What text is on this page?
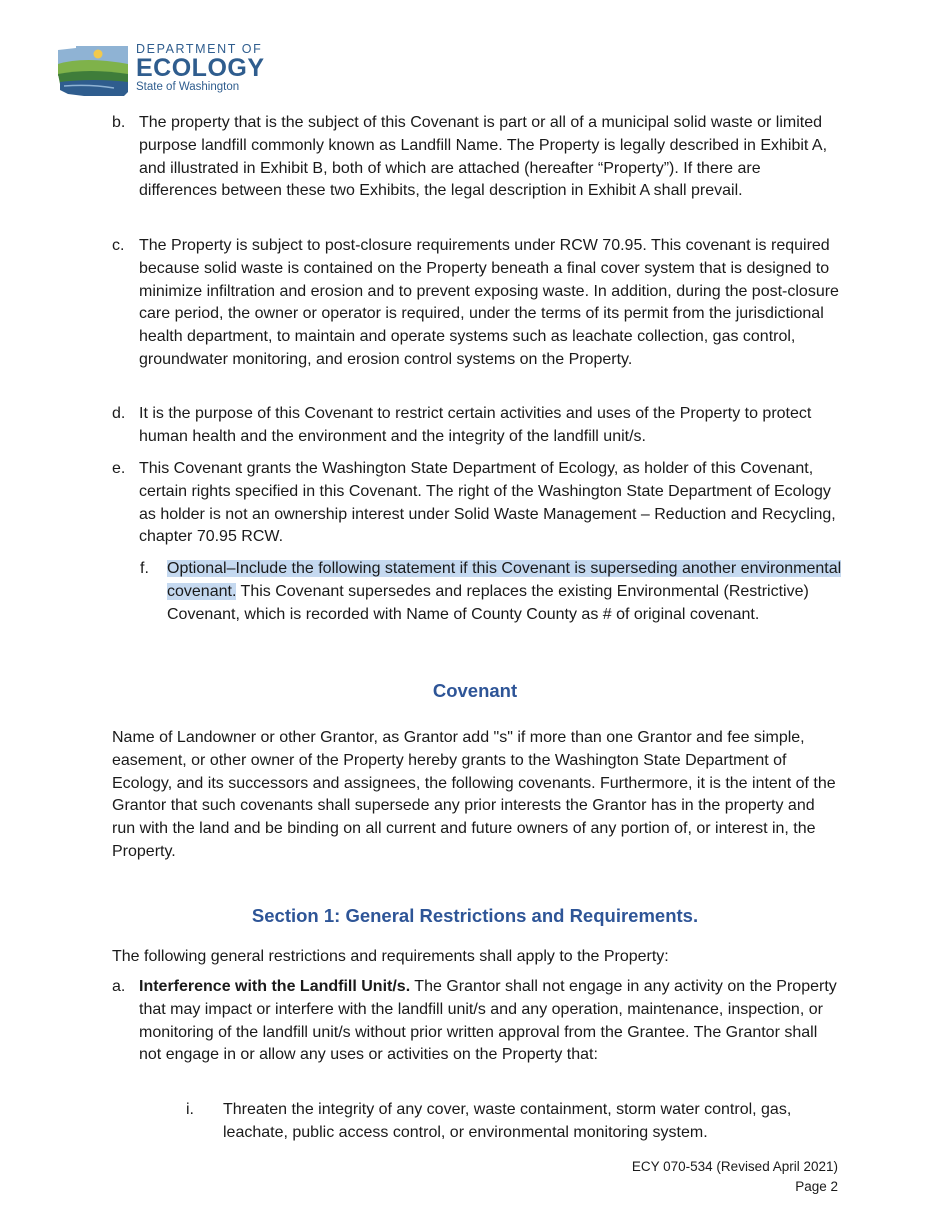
DEPARTMENT OF
ECOLOGY
State of Washington
b. The property that is the subject of this Covenant is part or all of a municipal solid waste or limited purpose landfill commonly known as Landfill Name. The Property is legally described in Exhibit A, and illustrated in Exhibit B, both of which are attached (hereafter “Property”). If there are differences between these two Exhibits, the legal description in Exhibit A shall prevail.
c. The Property is subject to post-closure requirements under RCW 70.95. This covenant is required because solid waste is contained on the Property beneath a final cover system that is designed to minimize infiltration and erosion and to prevent exposing waste. In addition, during the post-closure care period, the owner or operator is required, under the terms of its permit from the jurisdictional health department, to maintain and operate systems such as leachate collection, gas control, groundwater monitoring, and erosion control systems on the Property.
d. It is the purpose of this Covenant to restrict certain activities and uses of the Property to protect human health and the environment and the integrity of the landfill unit/s.
e. This Covenant grants the Washington State Department of Ecology, as holder of this Covenant, certain rights specified in this Covenant. The right of the Washington State Department of Ecology as holder is not an ownership interest under Solid Waste Management – Reduction and Recycling, chapter 70.95 RCW.
f. Optional–Include the following statement if this Covenant is superseding another environmental covenant. This Covenant supersedes and replaces the existing Environmental (Restrictive) Covenant, which is recorded with Name of County County as # of original covenant.
Covenant
Name of Landowner or other Grantor, as Grantor add "s" if more than one Grantor and fee simple, easement, or other owner of the Property hereby grants to the Washington State Department of Ecology, and its successors and assignees, the following covenants. Furthermore, it is the intent of the Grantor that such covenants shall supersede any prior interests the Grantor has in the property and run with the land and be binding on all current and future owners of any portion of, or interest in, the Property.
Section 1: General Restrictions and Requirements.
The following general restrictions and requirements shall apply to the Property:
a. Interference with the Landfill Unit/s. The Grantor shall not engage in any activity on the Property that may impact or interfere with the landfill unit/s and any operation, maintenance, inspection, or monitoring of the landfill unit/s without prior written approval from the Grantee. The Grantor shall not engage in or allow any uses or activities on the Property that:
i. Threaten the integrity of any cover, waste containment, storm water control, gas, leachate, public access control, or environmental monitoring system.
ECY 070-534 (Revised April 2021)
Page 2
